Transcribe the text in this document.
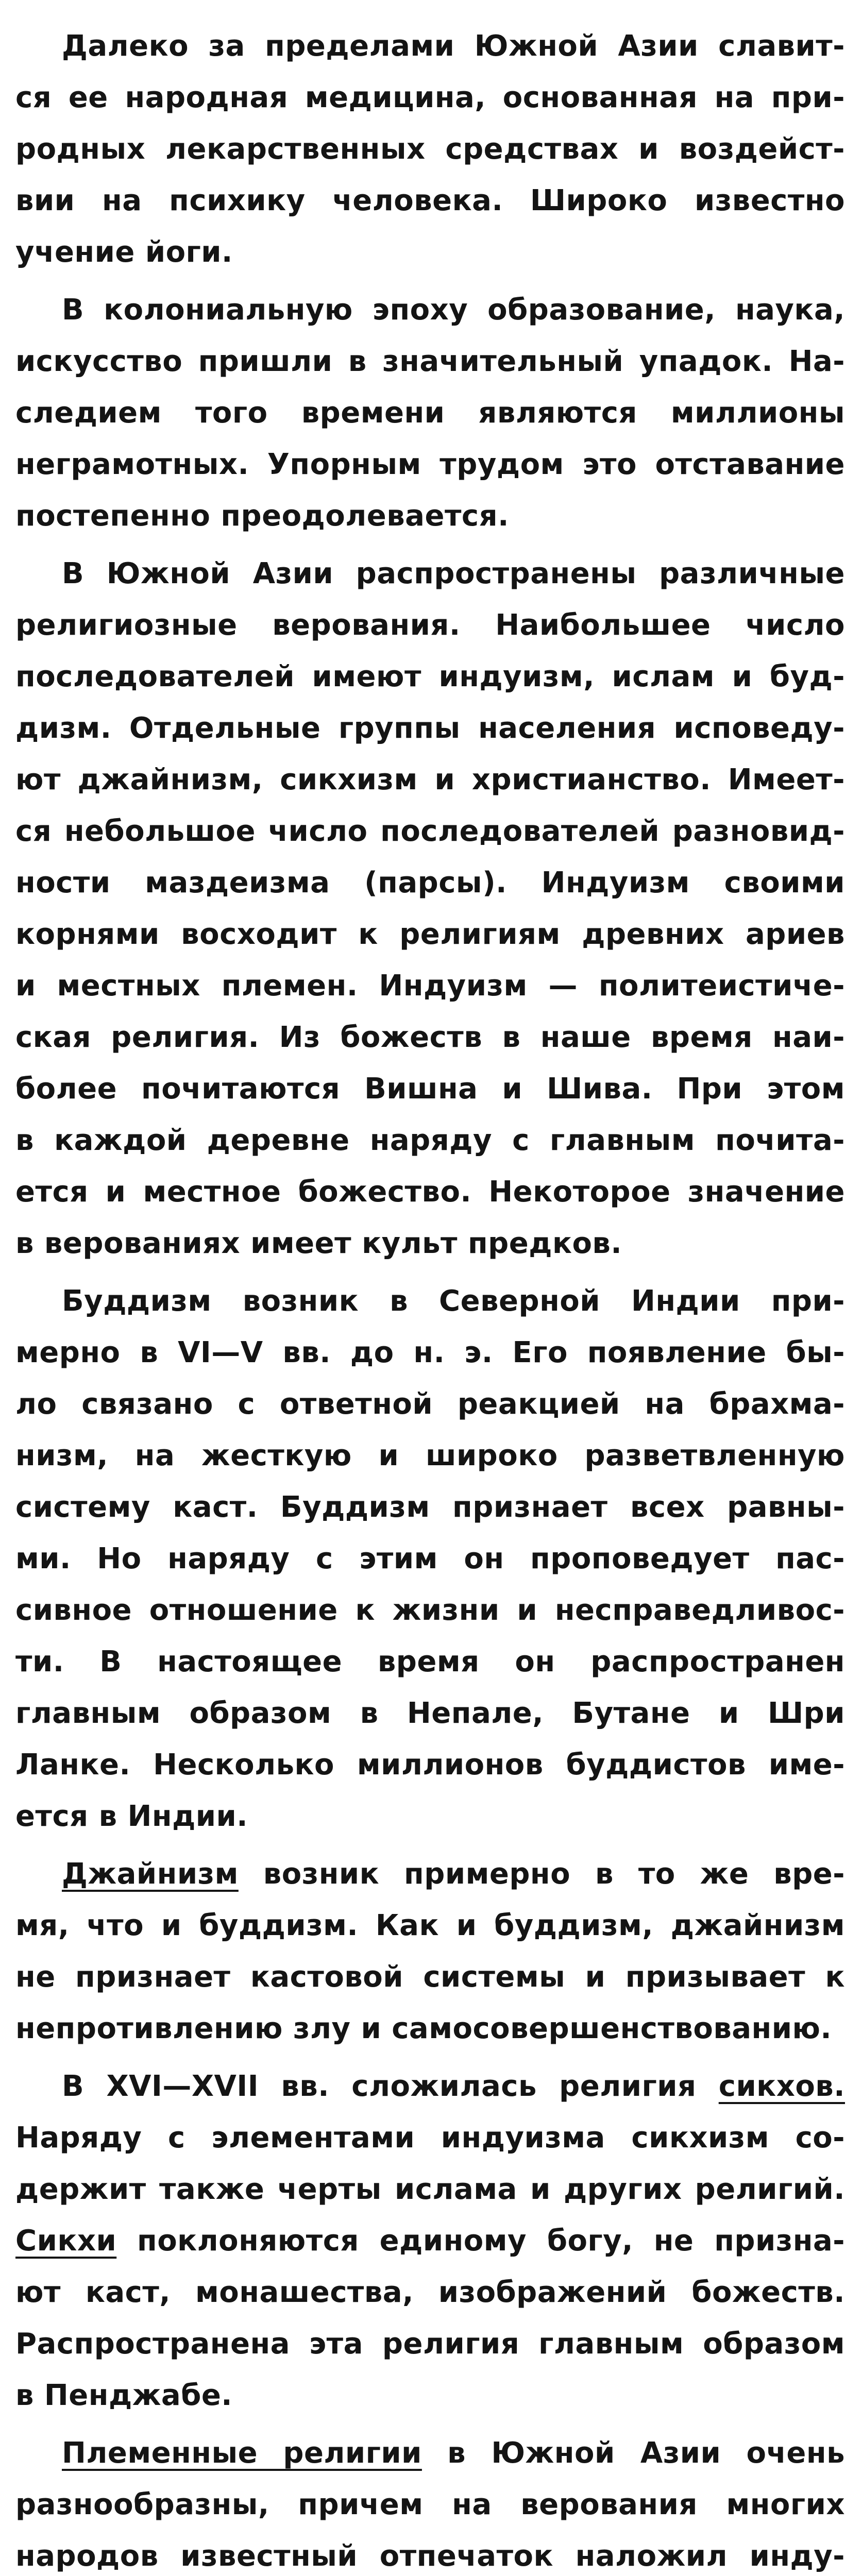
Далеко за пределами Южной Азии славит-
ся ее народная медицина, основанная на при-
родных лекарственных средствах и воздейст-
вии на психику человека. Широко известно
учение йоги.
В колониальную эпоху образование, наука,
искусство пришли в значительный упадок. На-
следием того времени являются миллионы
неграмотных. Упорным трудом это отставание
постепенно преодолевается.
В Южной Азии распространены различные
религиозные верования. Наибольшее число
последователей имеют индуизм, ислам и буд-
дизм. Отдельные группы населения исповеду-
ют джайнизм, сикхизм и христианство. Имеет-
ся небольшое число последователей разновид-
ности маздеизма (парсы). Индуизм своими
корнями восходит к религиям древних ариев
и местных племен. Индуизм — политеистиче-
ская религия. Из божеств в наше время наи-
более почитаются Вишна и Шива. При этом
в каждой деревне наряду с главным почита-
ется и местное божество. Некоторое значение
в верованиях имеет культ предков.
Буддизм возник в Северной Индии при-
мерно в VI—V вв. до н. э. Его появление бы-
ло связано с ответной реакцией на брахма-
низм, на жесткую и широко разветвленную
систему каст. Буддизм признает всех равны-
ми. Но наряду с этим он проповедует пас-
сивное отношение к жизни и несправедливос-
ти. В настоящее время он распространен
главным образом в Непале, Бутане и Шри
Ланке. Несколько миллионов буддистов име-
ется в Индии.
Джайнизм возник примерно в то же вре-
мя, что и буддизм. Как и буддизм, джайнизм
не признает кастовой системы и призывает к
непротивлению злу и самосовершенствованию.
В XVI—XVII вв. сложилась религия сикхов.
Наряду с элементами индуизма сикхизм со-
держит также черты ислама и других религий.
Сикхи поклоняются единому богу, не призна-
ют каст, монашества, изображений божеств.
Распространена эта религия главным образом
в Пенджабе.
Племенные религии в Южной Азии очень
разнообразны, причем на верования многих
народов известный отпечаток наложил инду-
